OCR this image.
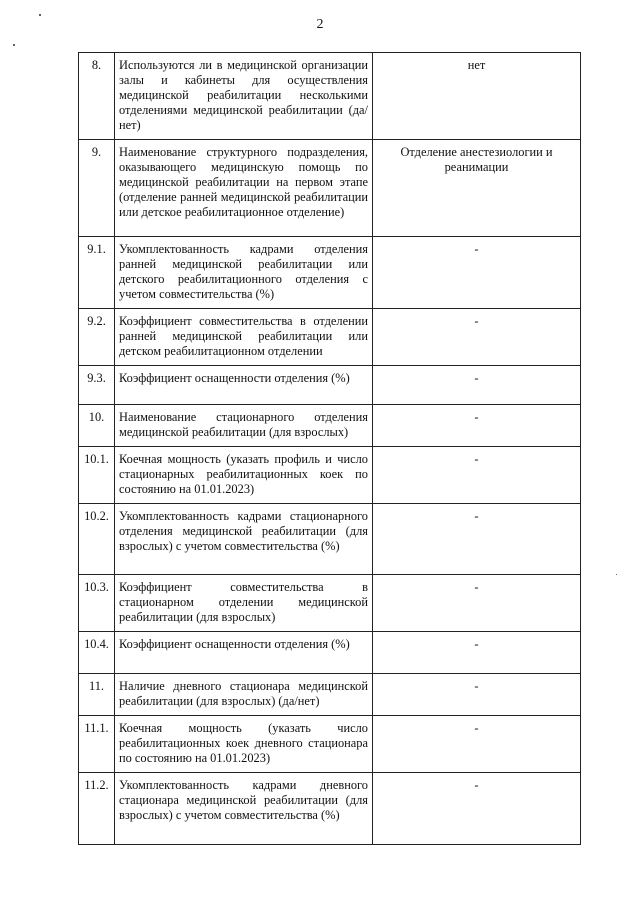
2
8.	Используются ли в медицинской организации залы и кабинеты для осуществления медицинской реабилитации несколькими отделениями медицинской реабилитации (да/нет)	нет
9.	Наименование структурного подразделения, оказывающего медицинскую помощь по медицинской реабилитации на первом этапе (отделение ранней медицинской реабилитации или детское реабилитационное отделение)	Отделение анестезиологии и реанимации
9.1.	Укомплектованность кадрами отделения ранней медицинской реабилитации или детского реабилитационного отделения с учетом совместительства (%)	-
9.2.	Коэффициент совместительства в отделении ранней медицинской реабилитации или детском реабилитационном отделении	-
9.3.	Коэффициент оснащенности отделения (%)	-
10.	Наименование стационарного отделения медицинской реабилитации (для взрослых)	-
10.1.	Коечная мощность (указать профиль и число стационарных реабилитационных коек по состоянию на 01.01.2023)	-
10.2.	Укомплектованность кадрами стационарного отделения медицинской реабилитации (для взрослых) с учетом совместительства (%)	-
10.3.	Коэффициент совместительства в стационарном отделении медицинской реабилитации (для взрослых)	-
10.4.	Коэффициент оснащенности отделения (%)	-
11.	Наличие дневного стационара медицинской реабилитации (для взрослых) (да/нет)	-
11.1.	Коечная мощность (указать число реабилитационных коек дневного стационара по состоянию на 01.01.2023)	-
11.2.	Укомплектованность кадрами дневного стационара медицинской реабилитации (для взрослых) с учетом совместительства (%)	-
